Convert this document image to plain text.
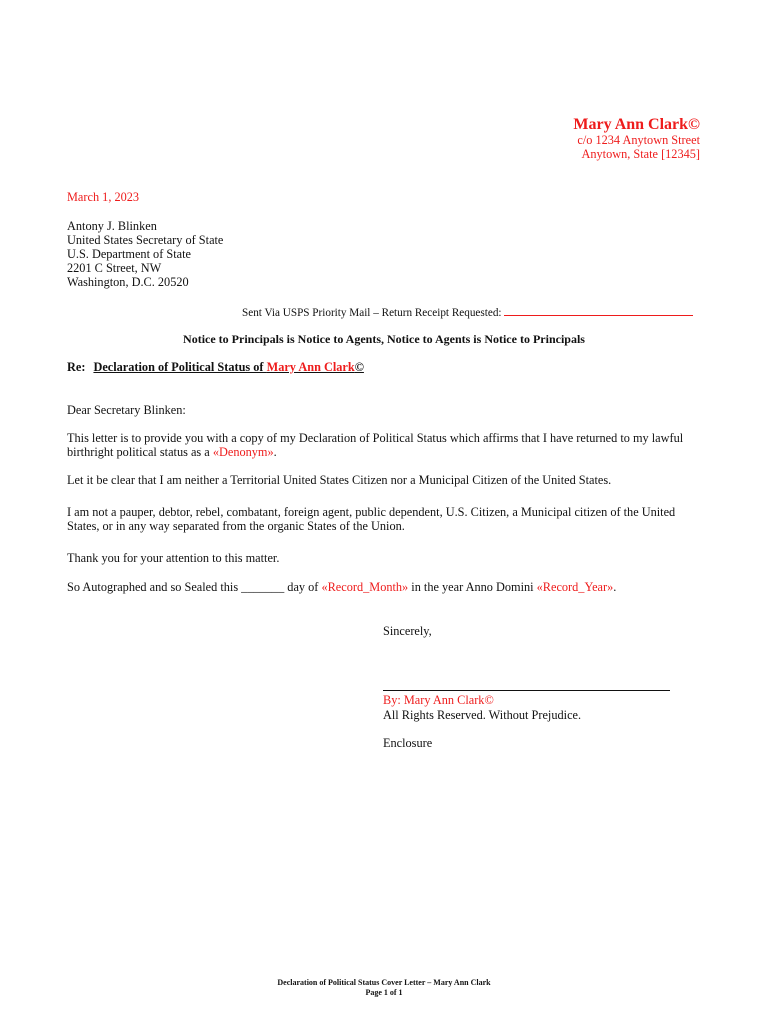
Mary Ann Clark©
c/o 1234 Anytown Street
Anytown, State [12345]
March 1, 2023
Antony J. Blinken
United States Secretary of State
U.S. Department of State
2201 C Street, NW
Washington, D.C. 20520
Sent Via USPS Priority Mail – Return Receipt Requested:
Notice to Principals is Notice to Agents, Notice to Agents is Notice to Principals
Re: Declaration of Political Status of Mary Ann Clark©
Dear Secretary Blinken:
This letter is to provide you with a copy of my Declaration of Political Status which affirms that I have returned to my lawful birthright political status as a «Denonym».
Let it be clear that I am neither a Territorial United States Citizen nor a Municipal Citizen of the United States.
I am not a pauper, debtor, rebel, combatant, foreign agent, public dependent, U.S. Citizen, a Municipal citizen of the United States, or in any way separated from the organic States of the Union.
Thank you for your attention to this matter.
So Autographed and so Sealed this _______ day of «Record_Month» in the year Anno Domini «Record_Year».
Sincerely,
By: Mary Ann Clark©
All Rights Reserved. Without Prejudice.
Enclosure
Declaration of Political Status Cover Letter – Mary Ann Clark
Page 1 of 1
